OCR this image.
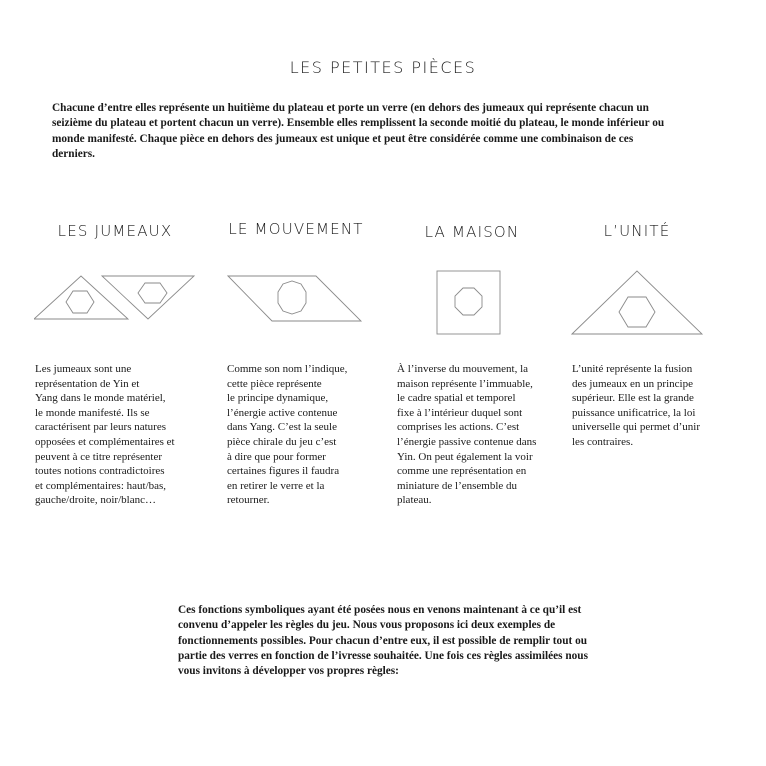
LES PETITES PIÈCES
Chacune d’entre elles représente un huitième du plateau et porte un verre (en dehors des jumeaux qui représente chacun un seizième du plateau et portent chacun un verre). Ensemble elles remplissent la seconde moitié du plateau, le monde inférieur ou monde manifesté. Chaque pièce en dehors des jumeaux est unique et peut être considérée comme une combinaison de ces derniers.
LES JUMEAUX
Les jumeaux sont une
représentation de Yin et
Yang dans le monde matériel,
le monde manifesté. Ils se
caractérisent par leurs natures
opposées et complémentaires et
peuvent à ce titre représenter
toutes notions contradictoires
et complémentaires: haut/bas,
gauche/droite, noir/blanc…
LE MOUVEMENT
Comme son nom l’indique,
cette pièce représente
le principe dynamique,
l’énergie active contenue
dans Yang. C’est la seule
pièce chirale du jeu c’est
à dire que pour former
certaines figures il faudra
en retirer le verre et la
retourner.
LA MAISON
À l’inverse du mouvement, la
maison représente l’immuable,
le cadre spatial et temporel
fixe à l’intérieur duquel sont
comprises les actions. C’est
l’énergie passive contenue dans
Yin. On peut également la voir
comme une représentation en
miniature de l’ensemble du
plateau.
L’UNITÉ
L’unité représente la fusion
des jumeaux en un principe
supérieur. Elle est la grande
puissance unificatrice, la loi
universelle qui permet d’unir
les contraires.
Ces fonctions symboliques ayant été posées nous en venons maintenant à ce qu’il est convenu d’appeler les règles du jeu. Nous vous proposons ici deux exemples de fonctionnements possibles. Pour chacun d’entre eux, il est possible de remplir tout ou partie des verres en fonction de l’ivresse souhaitée. Une fois ces règles assimilées nous vous invitons à développer vos propres règles:
